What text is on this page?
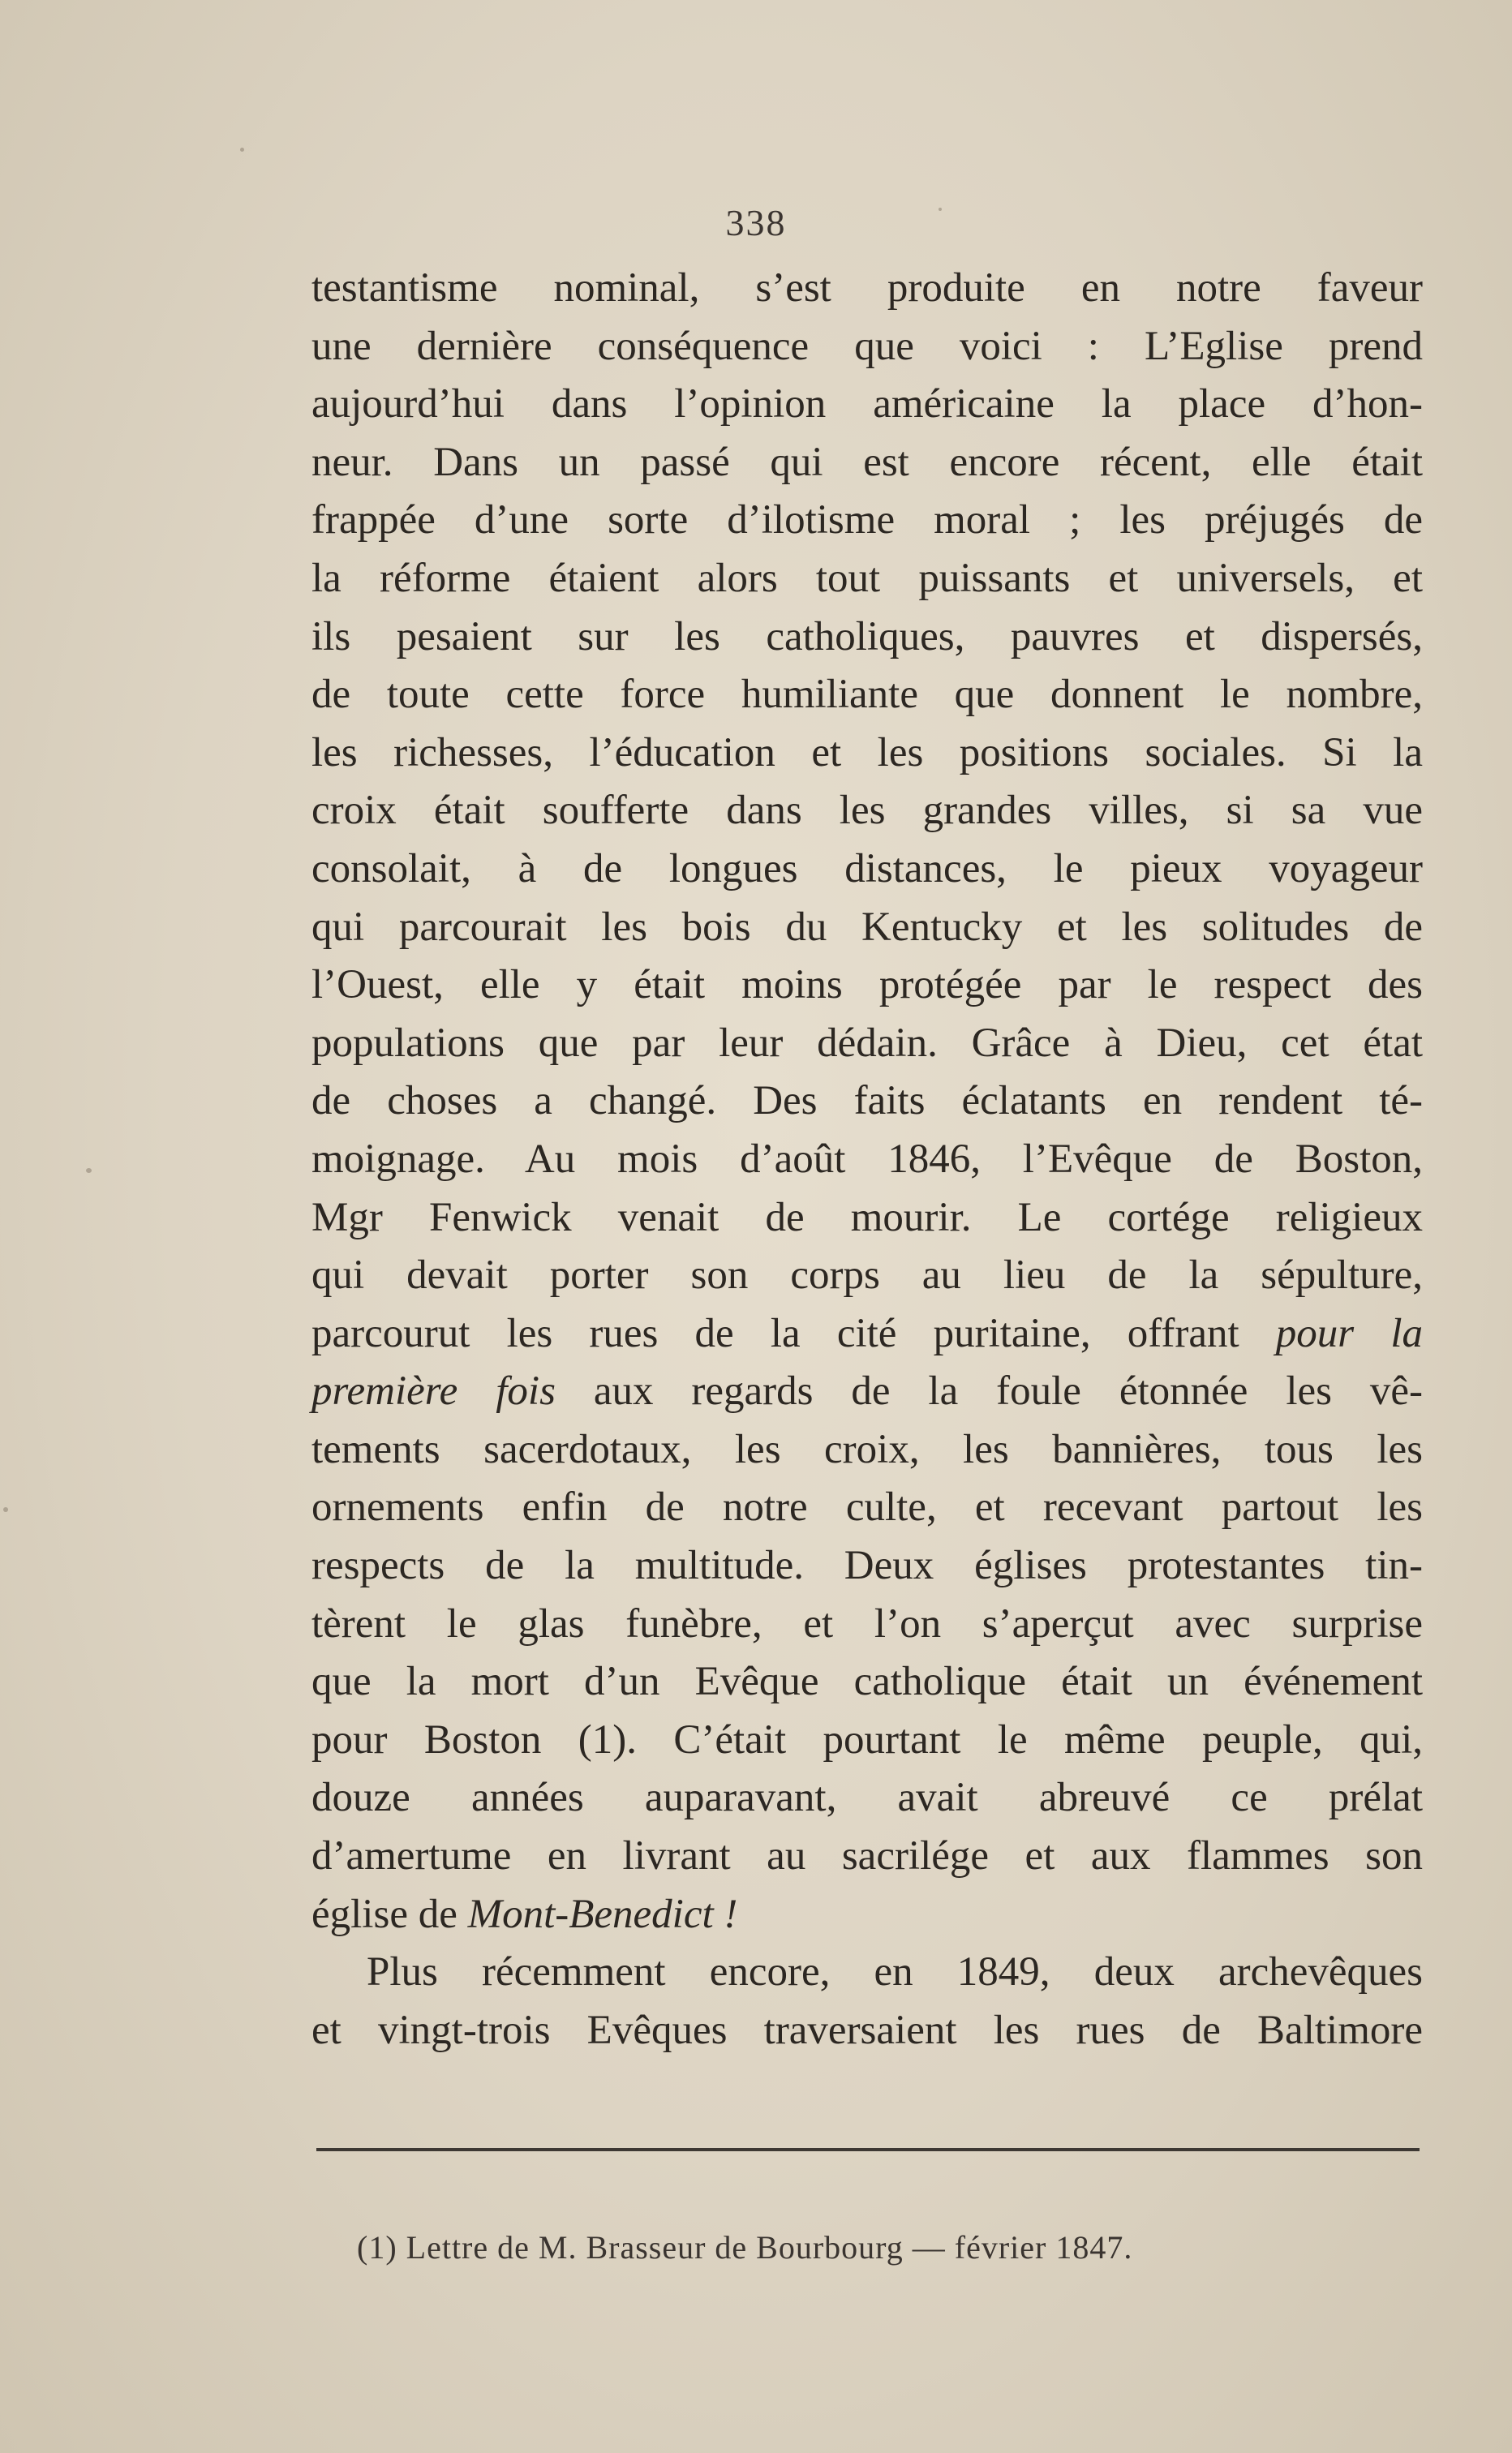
338
testantisme nominal, s’est produite en notre faveur
une dernière conséquence que voici : L’Eglise prend
aujourd’hui dans l’opinion américaine la place d’hon-
neur. Dans un passé qui est encore récent, elle était
frappée d’une sorte d’ilotisme moral ; les préjugés de
la réforme étaient alors tout puissants et universels, et
ils pesaient sur les catholiques, pauvres et dispersés,
de toute cette force humiliante que donnent le nombre,
les richesses, l’éducation et les positions sociales. Si la
croix était soufferte dans les grandes villes, si sa vue
consolait, à de longues distances, le pieux voyageur
qui parcourait les bois du Kentucky et les solitudes de
l’Ouest, elle y était moins protégée par le respect des
populations que par leur dédain. Grâce à Dieu, cet état
de choses a changé. Des faits éclatants en rendent té-
moignage. Au mois d’août 1846, l’Evêque de Boston,
Mgr Fenwick venait de mourir. Le cortége religieux
qui devait porter son corps au lieu de la sépulture,
parcourut les rues de la cité puritaine, offrant pour la
première fois aux regards de la foule étonnée les vê-
tements sacerdotaux, les croix, les bannières, tous les
ornements enfin de notre culte, et recevant partout les
respects de la multitude. Deux églises protestantes tin-
tèrent le glas funèbre, et l’on s’aperçut avec surprise
que la mort d’un Evêque catholique était un événement
pour Boston (1). C’était pourtant le même peuple, qui,
douze années auparavant, avait abreuvé ce prélat
d’amertume en livrant au sacrilége et aux flammes son
église de Mont-Benedict !
Plus récemment encore, en 1849, deux archevêques
et vingt-trois Evêques traversaient les rues de Baltimore
(1) Lettre de M. Brasseur de Bourbourg — février 1847.
